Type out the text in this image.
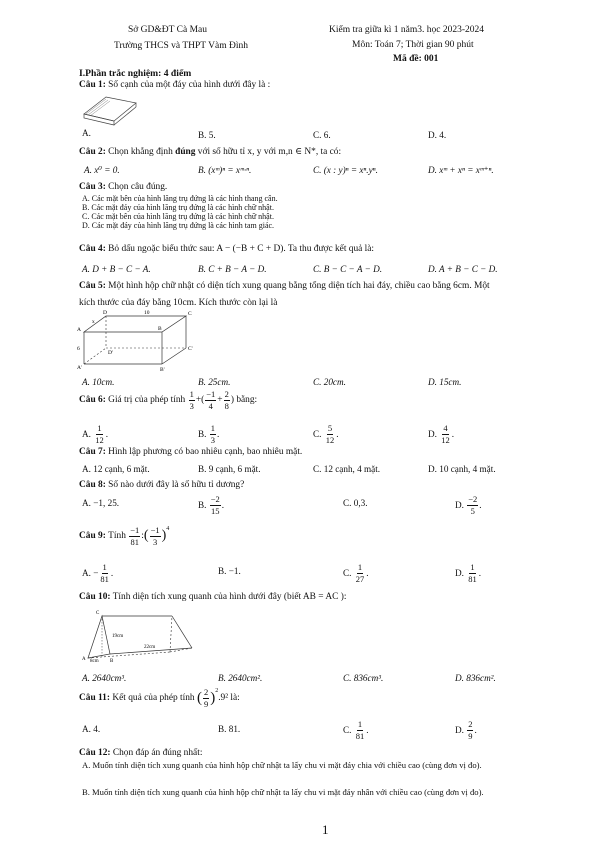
Sở GD&ĐT Cà Mau
Trường THCS và THPT Vàm Đình
Kiểm tra giữa kì 1 năm3. học 2023-2024
Môn: Toán 7; Thời gian 90 phút
Mã đề: 001
I.Phần trắc nghiệm: 4 điểm
Câu 1: Số cạnh của một đáy của hình dưới đây là :
A.	B. 5.	C. 6.	D. 4.
Câu 2: Chọn khẳng định đúng với số hữu tỉ x, y với m,n ∈ N*, ta có:
A. x⁰ = 0.	B. (xᵐ)ⁿ = xᵐ·ⁿ.	C. (x : y)ⁿ = xⁿ.yⁿ.	D. xᵐ + xⁿ = xᵐ⁺ⁿ.
Câu 3: Chọn câu đúng.
A. Các mặt bên của hình lăng trụ đứng là các hình thang cân.
B. Các mặt đáy của hình lăng trụ đứng là các hình chữ nhật.
C. Các mặt bên của hình lăng trụ đứng là các hình chữ nhật.
D. Các mặt đáy của hình lăng trụ đứng là các hình tam giác.
Câu 4: Bỏ dấu ngoặc biểu thức sau: A − (−B + C + D). Ta thu được kết quả là:
A. D + B − C − A.	B. C + B − A − D.	C. B − C − A − D.	D. A + B − C − D.
Câu 5: Một hình hộp chữ nhật có diện tích xung quang bằng tổng diện tích hai đáy, chiều cao bằng 6cm. Một
kích thước của đáy bằng 10cm. Kích thước còn lại là
10
6
x
D	C
A	B
D'
C'
A'	B'
A. 10cm.	B. 25cm.	C. 20cm.	D. 15cm.
Câu 6:
Giá trị của phép tính
$\frac{1}{3}$ +( $\frac{-1}{4} + \frac{2}{8}$ ) bằng:
A.
$\frac{1}{12}$ .	B.
$\frac{1}{3}$ .	C.
$\frac{5}{12}$ .	D.
$\frac{4}{12}$ .
Câu 7: Hình lập phương có bao nhiêu cạnh, bao nhiêu mặt.
A. 12 cạnh, 6 mặt.	B. 9 cạnh, 6 mặt.	C. 12 cạnh, 4 mặt.	D. 10 cạnh, 4 mặt.
Câu 8: Số nào dưới đây là số hữu tỉ dương?
A. −1, 25.	B.
$\frac{-2}{15}$ .	C. 0,3.	D.
$\frac{-2}{5}$ .
Câu 9:
Tính
$\frac{-1}{81}$ : ( $\frac{-1}{3} )^4$
A.
− $\frac{1}{81}$ .	B. −1.	C.
$\frac{1}{27}$ .	D.
$\frac{1}{81}$ .
Câu 10: Tính diện tích xung quanh của hình dưới đây (biết AB = AC ):
19cm
22cm
8cm
C
A	B
A. 2640cm³.	B. 2640cm².	C. 836cm³.	D. 836cm².
Câu 11:
Kết quả của phép tính
( $\frac{2}{9} )^2$
.9² là:
A. 4.	B. 81.	C.
$\frac{1}{81}$ .	D.
$\frac{2}{9}$ .
Câu 12: Chọn đáp án đúng nhất:
A. Muốn tính diện tích xung quanh của hình hộp chữ nhật ta lấy chu vi mặt đáy chia với chiều cao (cùng đơn vị đo).
B. Muốn tính diện tích xung quanh của hình hộp chữ nhật ta lấy chu vi mặt đáy nhân với chiều cao (cùng đơn vị đo).
1
